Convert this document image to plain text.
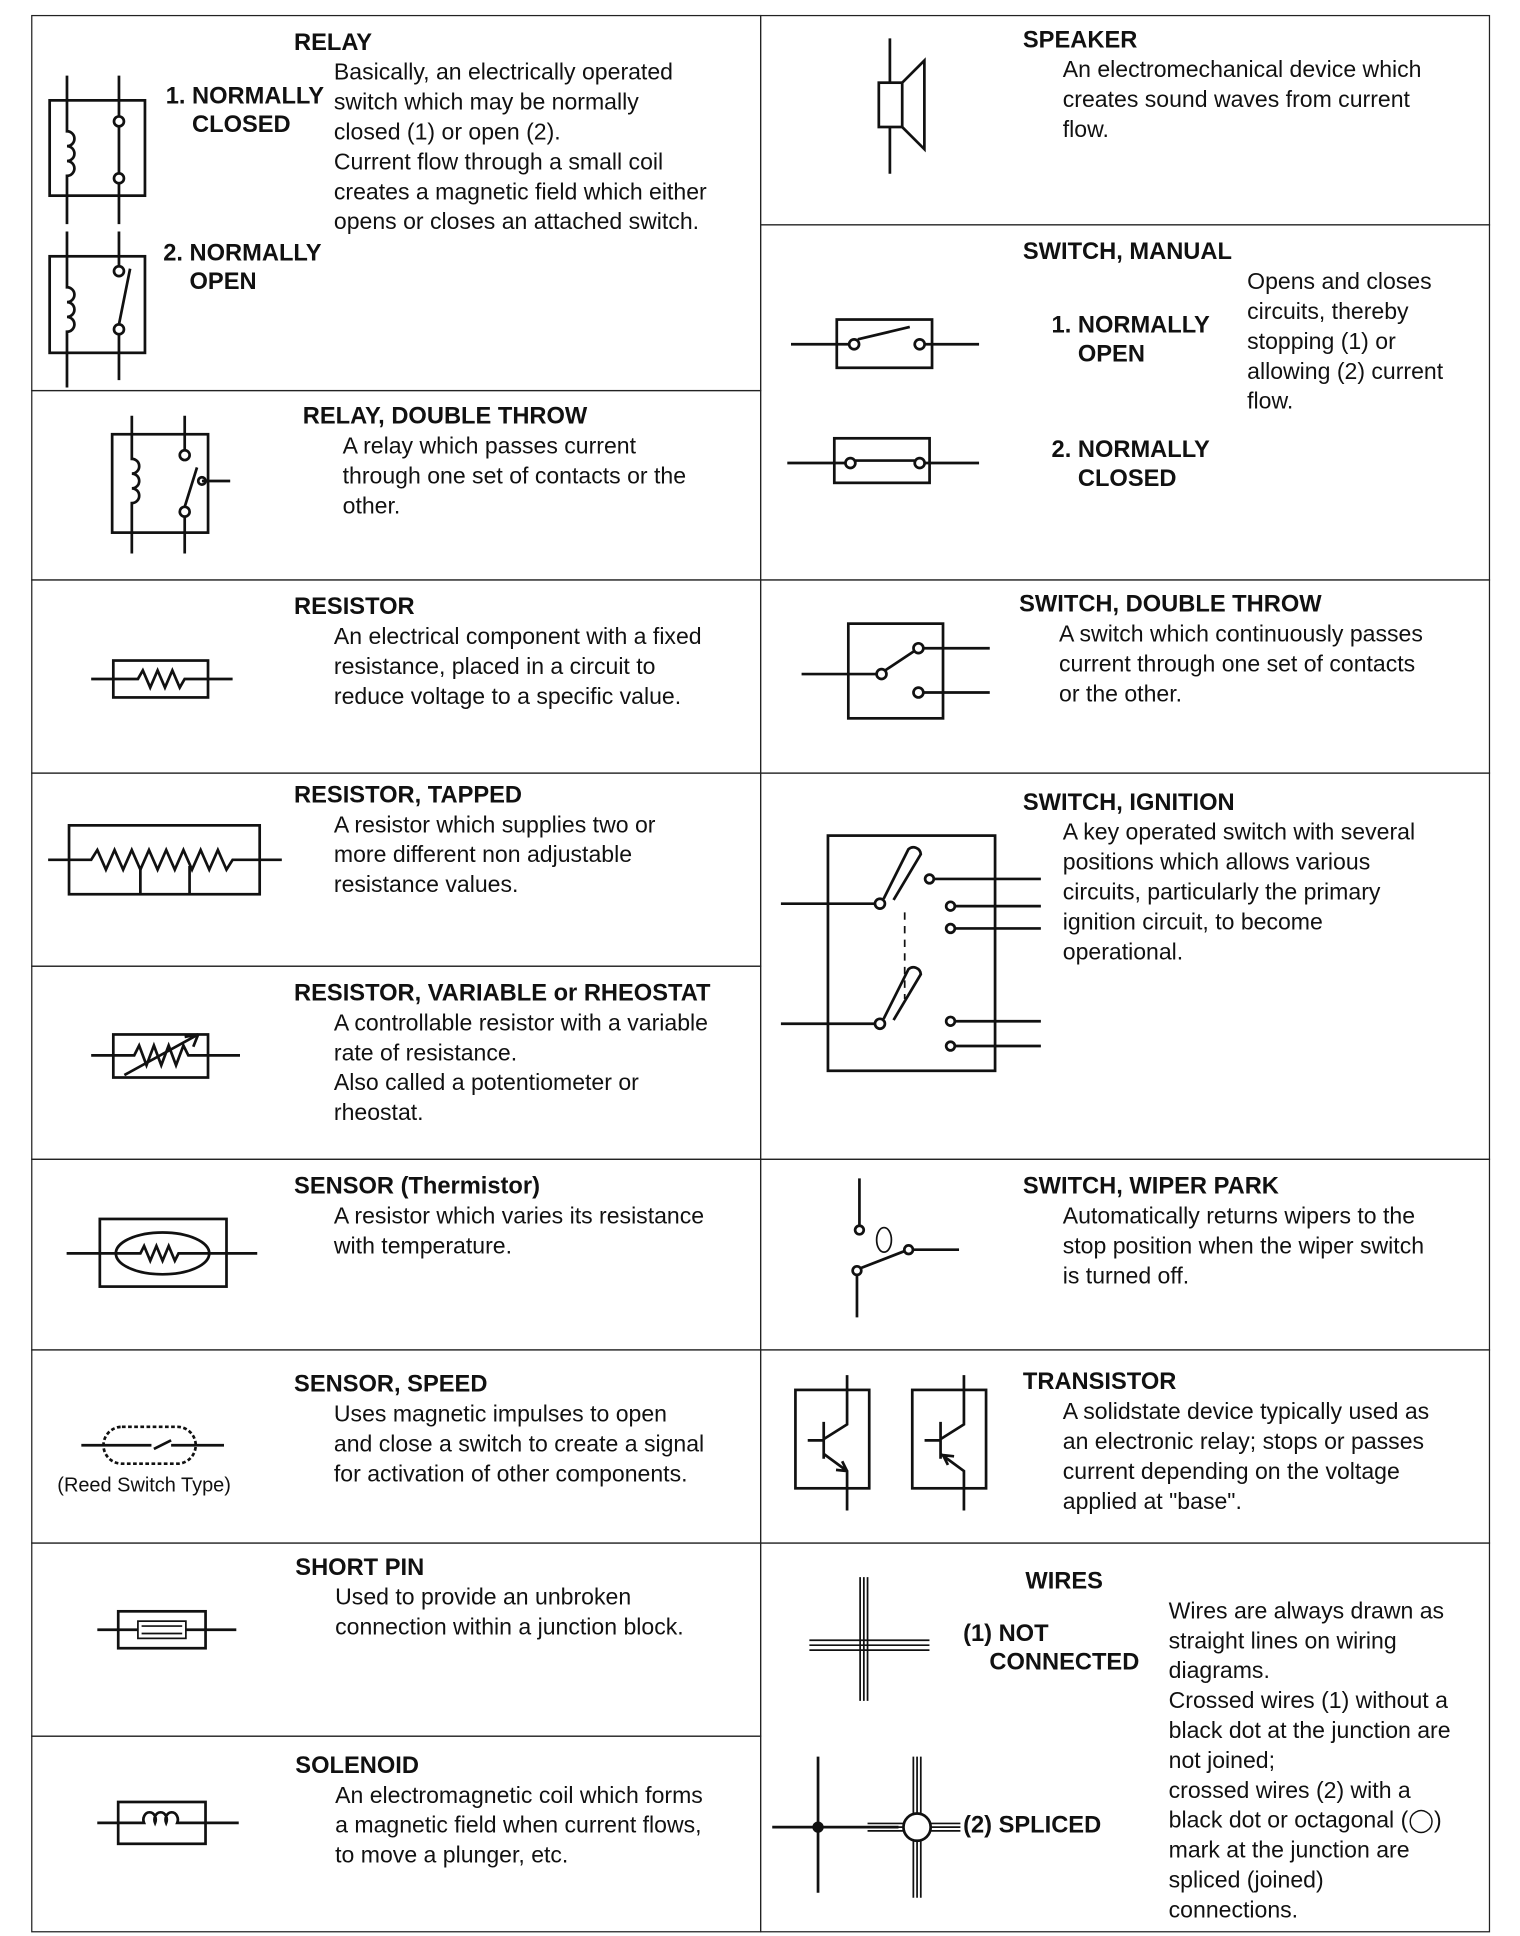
RELAY
1. NORMALLY
CLOSED
2. NORMALLY
OPEN
Basically, an electrically operated
switch which may be normally
closed (1) or open (2).
Current flow through a small coil
creates a magnetic field which either
opens or closes an attached switch.
RELAY, DOUBLE THROW
A relay which passes current
through one set of contacts or the
other.
RESISTOR
An electrical component with a fixed
resistance, placed in a circuit to
reduce voltage to a specific value.
RESISTOR, TAPPED
A resistor which supplies two or
more different non adjustable
resistance values.
RESISTOR, VARIABLE or RHEOSTAT
A controllable resistor with a variable
rate of resistance.
Also called a potentiometer or
rheostat.
SENSOR (Thermistor)
A resistor which varies its resistance
with temperature.
SENSOR, SPEED
Uses magnetic impulses to open
and close a switch to create a signal
for activation of other components.
(Reed Switch Type)
SHORT PIN
Used to provide an unbroken
connection within a junction block.
SOLENOID
An electromagnetic coil which forms
a magnetic field when current flows,
to move a plunger, etc.
SPEAKER
An electromechanical device which
creates sound waves from current
flow.
SWITCH, MANUAL
1. NORMALLY
OPEN
2. NORMALLY
CLOSED
Opens and closes
circuits, thereby
stopping (1) or
allowing (2) current
flow.
SWITCH, DOUBLE THROW
A switch which continuously passes
current through one set of contacts
or the other.
SWITCH, IGNITION
A key operated switch with several
positions which allows various
circuits, particularly the primary
ignition circuit, to become
operational.
SWITCH, WIPER PARK
Automatically returns wipers to the
stop position when the wiper switch
is turned off.
TRANSISTOR
A solidstate device typically used as
an electronic relay; stops or passes
current depending on the voltage
applied at "base".
WIRES
(1) NOT
CONNECTED
(2) SPLICED
Wires are always drawn as
straight lines on wiring
diagrams.
Crossed wires (1) without a
black dot at the junction are
not joined;
crossed wires (2) with a
black dot or octagonal (◯)
mark at the junction are
spliced (joined)
connections.
